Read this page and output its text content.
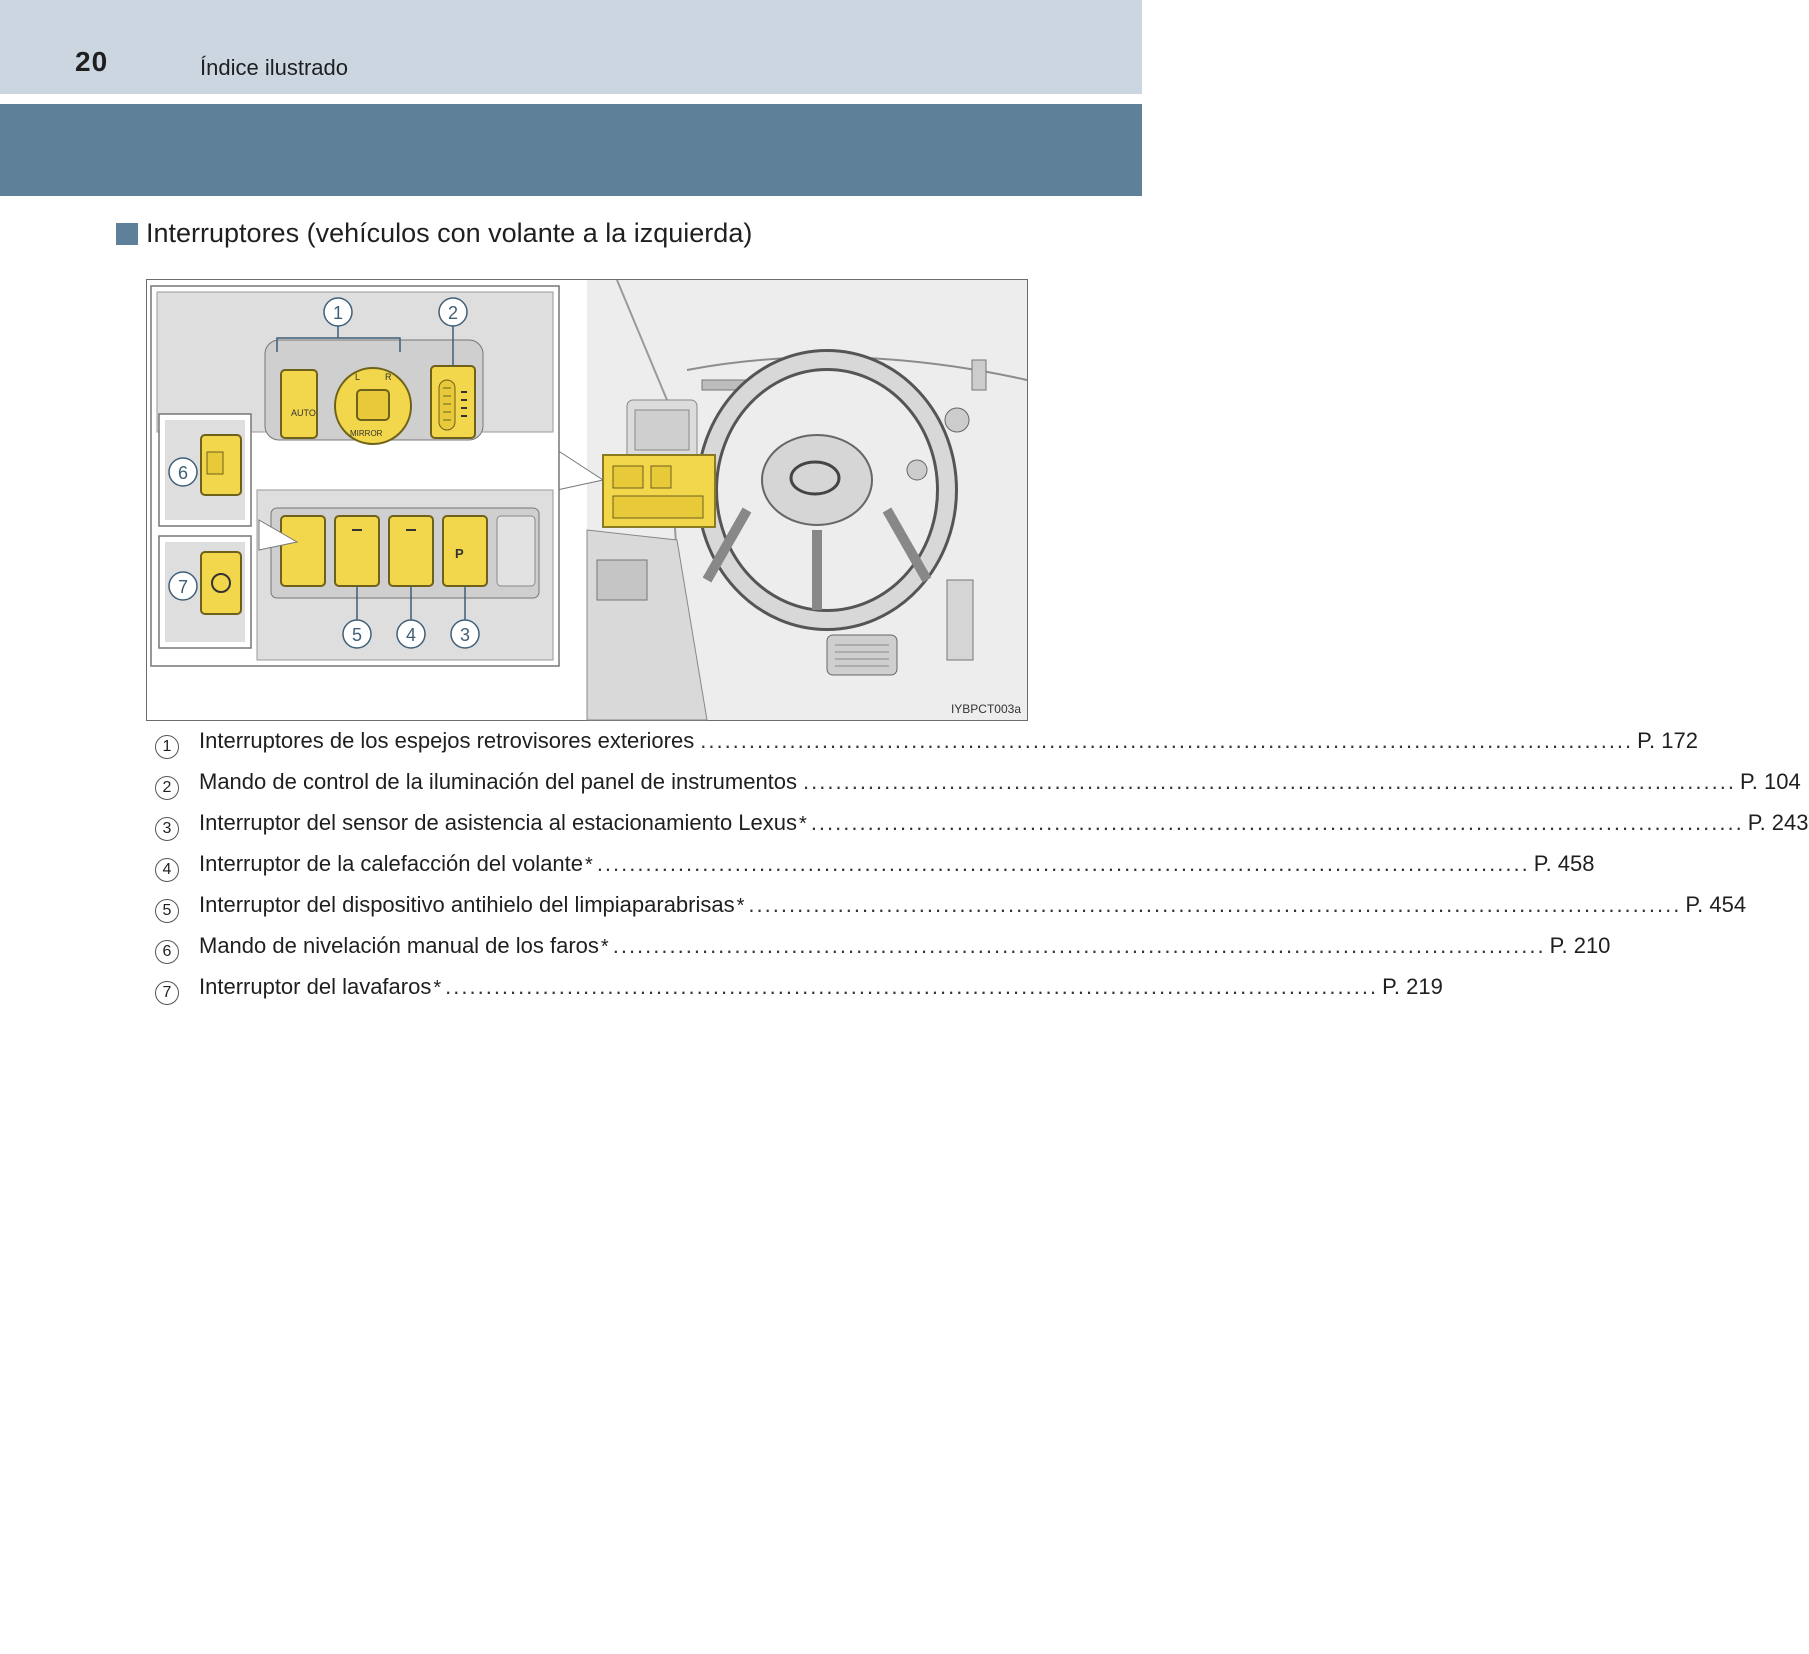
20	Índice ilustrado
Interruptores (vehículos con volante a la izquierda)
AUTO
L	R
MIRROR
P
1	2
3
4
5
6
7
IYBPCT003a
1	Interruptores de los espejos retrovisores exteriores ................................................................................................................... P. 172
2	Mando de control de la iluminación del panel de instrumentos ................................................................................................................... P. 104
3	Interruptor del sensor de asistencia al estacionamiento Lexus * ................................................................................................................... P. 243
4	Interruptor de la calefacción del volante * ................................................................................................................... P. 458
5	Interruptor del dispositivo antihielo del limpiaparabrisas * ................................................................................................................... P. 454
6	Mando de nivelación manual de los faros * ................................................................................................................... P. 210
7	Interruptor del lavafaros * ................................................................................................................... P. 219
